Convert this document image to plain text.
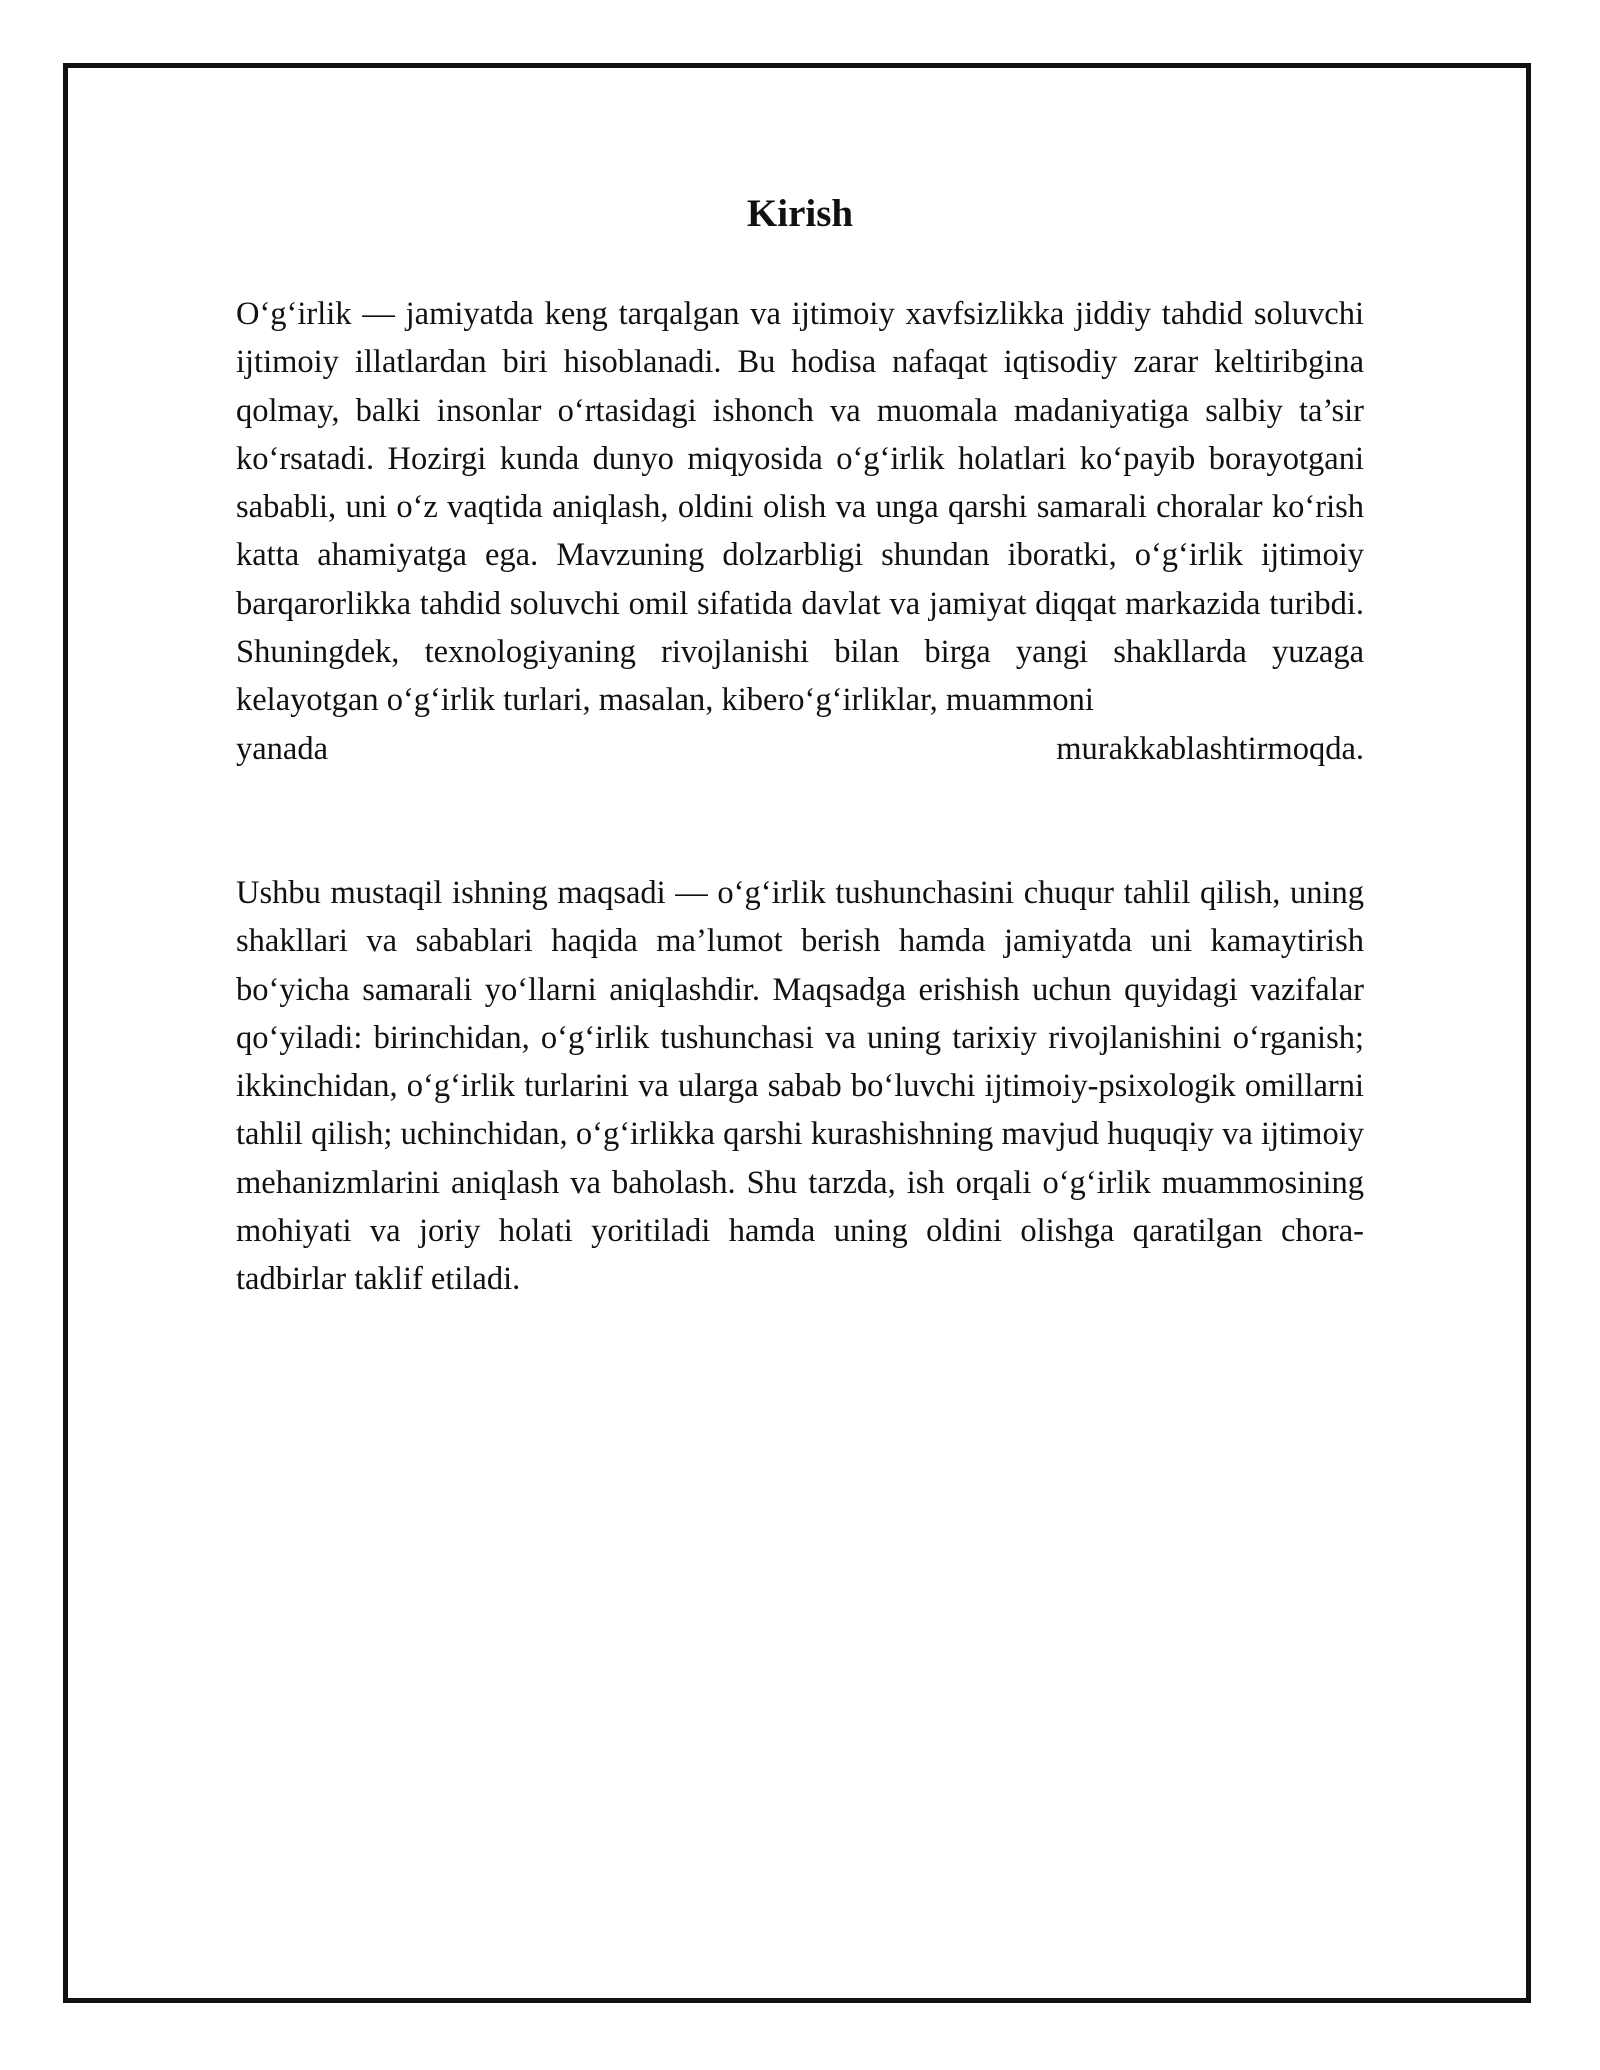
Kirish
O‘g‘irlik — jamiyatda keng tarqalgan va ijtimoiy xavfsizlikka jiddiy tahdid soluvchi ijtimoiy illatlardan biri hisoblanadi. Bu hodisa nafaqat iqtisodiy zarar keltiribgina qolmay, balki insonlar o‘rtasidagi ishonch va muomala madaniyatiga salbiy ta’sir ko‘rsatadi. Hozirgi kunda dunyo miqyosida o‘g‘irlik holatlari ko‘payib borayotgani sababli, uni o‘z vaqtida aniqlash, oldini olish va unga qarshi samarali choralar ko‘rish katta ahamiyatga ega. Mavzuning dolzarbligi shundan iboratki, o‘g‘irlik ijtimoiy barqarorlikka tahdid soluvchi omil sifatida davlat va jamiyat diqqat markazida turibdi. Shuningdek, texnologiyaning rivojlanishi bilan birga yangi shakllarda yuzaga kelayotgan o‘g‘irlik turlari, masalan, kibero‘g‘irliklar, muammoni
yanada murakkablashtirmoqda.

Ushbu mustaqil ishning maqsadi — o‘g‘irlik tushunchasini chuqur tahlil qilish, uning shakllari va sabablari haqida ma’lumot berish hamda jamiyatda uni kamaytirish bo‘yicha samarali yo‘llarni aniqlashdir. Maqsadga erishish uchun quyidagi vazifalar qo‘yiladi: birinchidan, o‘g‘irlik tushunchasi va uning tarixiy rivojlanishini o‘rganish; ikkinchidan, o‘g‘irlik turlarini va ularga sabab bo‘luvchi ijtimoiy-psixologik omillarni tahlil qilish; uchinchidan, o‘g‘irlikka qarshi kurashishning mavjud huquqiy va ijtimoiy mehanizmlarini aniqlash va baholash. Shu tarzda, ish orqali o‘g‘irlik muammosining mohiyati va joriy holati yoritiladi hamda uning oldini olishga qaratilgan chora-tadbirlar taklif etiladi.
